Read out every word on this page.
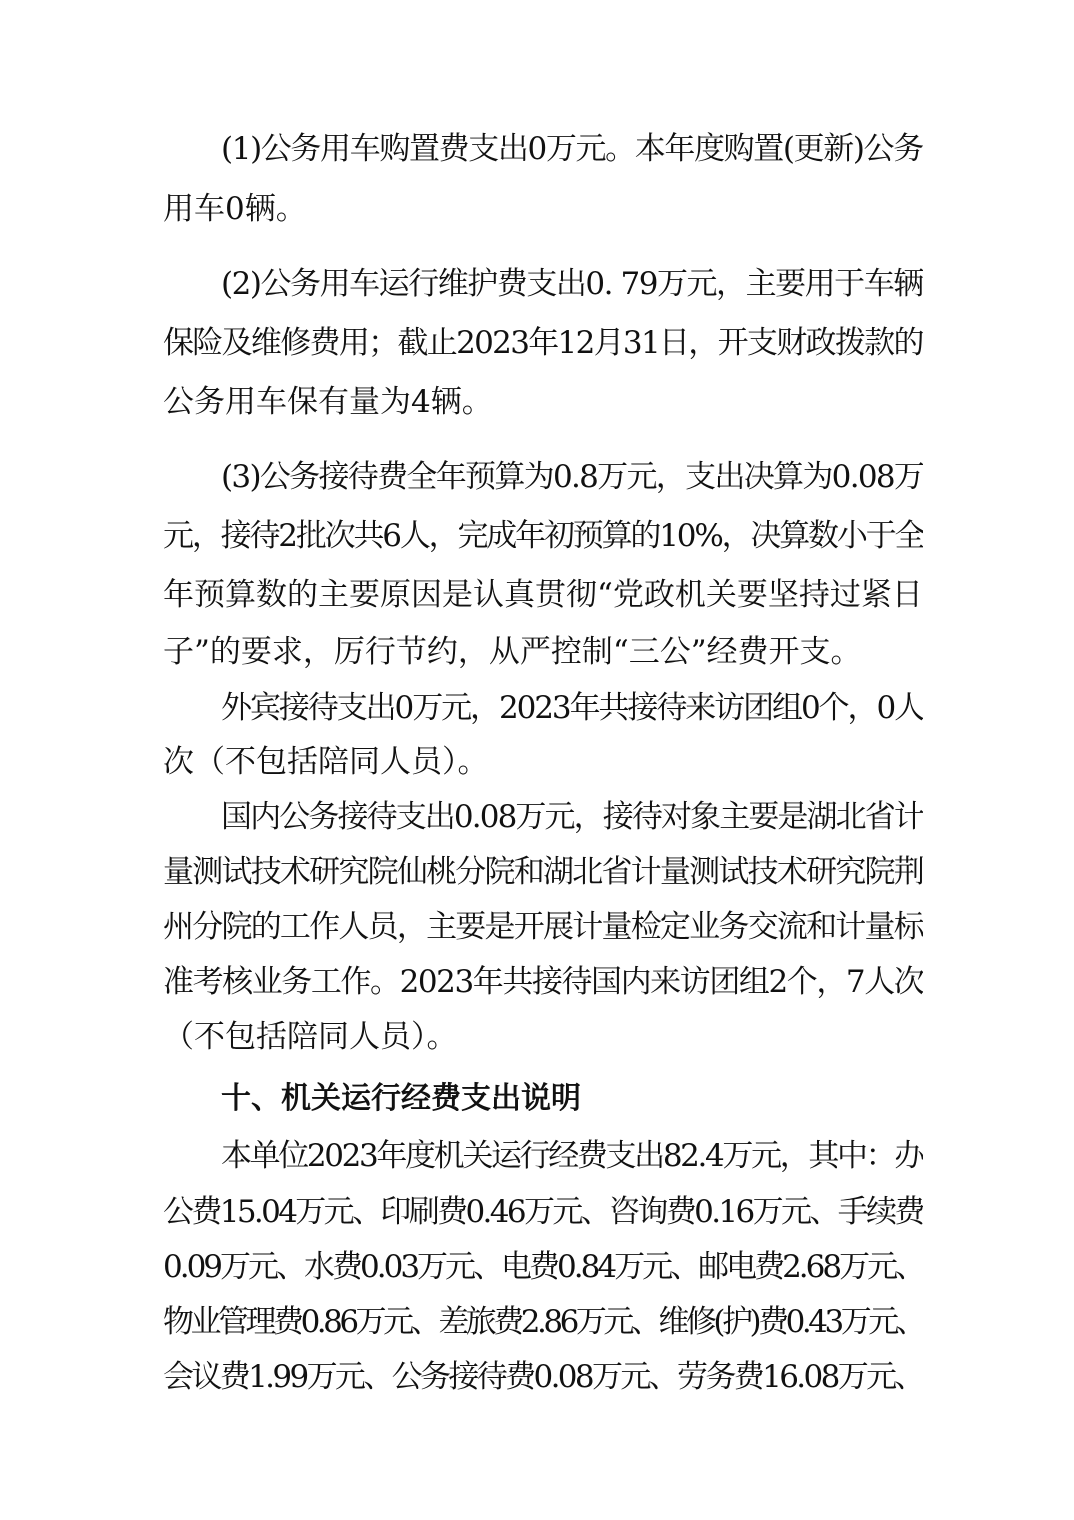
(1)公务用车购置费支出0万元。本年度购置(更新)公务
用车0辆。
(2)公务用车运行维护费支出0. 79万元，主要用于车辆
保险及维修费用；截止2023年12月31日，开支财政拨款的
公务用车保有量为4辆。
(3)公务接待费全年预算为0.8万元，支出决算为0.08万
元，接待2批次共6人，完成年初预算的10%，决算数小于全
年预算数的主要原因是认真贯彻“党政机关要坚持过紧日
子”的要求，厉行节约，从严控制“三公”经费开支。
外宾接待支出0万元，2023年共接待来访团组0个，0人
次（不包括陪同人员）。
国内公务接待支出0.08万元，接待对象主要是湖北省计
量测试技术研究院仙桃分院和湖北省计量测试技术研究院荆
州分院的工作人员，主要是开展计量检定业务交流和计量标
准考核业务工作。2023年共接待国内来访团组2个，7人次
（不包括陪同人员）。
十、机关运行经费支出说明
本单位2023年度机关运行经费支出82.4万元，其中：办
公费15.04万元、印刷费0.46万元、咨询费0.16万元、手续费
0.09万元、水费0.03万元、电费0.84万元、邮电费2.68万元、
物业管理费0.86万元、差旅费2.86万元、维修(护)费0.43万元、
会议费1.99万元、公务接待费0.08万元、劳务费16.08万元、
